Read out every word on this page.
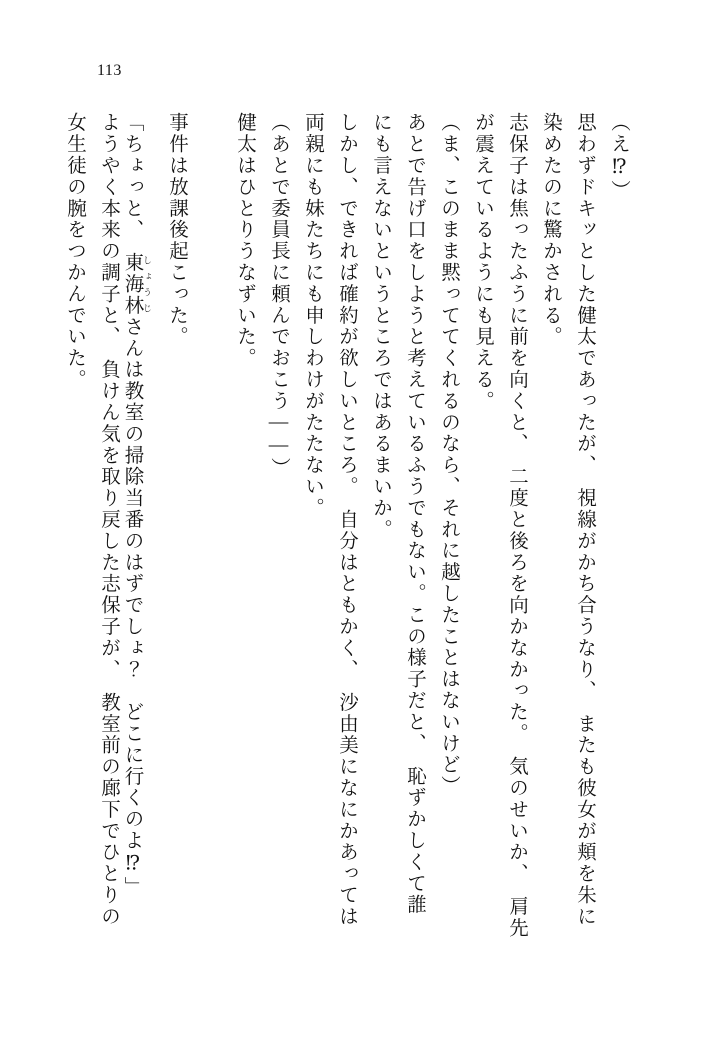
113
（え⁉）
思わずドキッとした健太であったが、　視線がかち合うなり、　またも彼女が頬を朱に
染めたのに驚かされる。
志保子は焦ったふうに前を向くと、　二度と後ろを向かなかった。　気のせいか、　肩先
が震えているようにも見える。
（ま、このまま黙っててくれるのなら、それに越したことはないけど）
あとで告げ口をしようと考えているふうでもない。この様子だと、　恥ずかしくて誰
にも言えないというところではあるまいか。
しかし、できれば確約が欲しいところ。　自分はともかく、　沙由美になにかあっては
両親にも妹たちにも申しわけがたたない。
（あとで委員長に頼んでおこう――）
健太はひとりうなずいた。
事件は放課後起こった。
「ちょっと、　東海林 しょうじさんは教室の掃除当番のはずでしょ？　どこに行くのよ⁉」
ようやく本来の調子と、　負けん気を取り戻した志保子が、　教室前の廊下でひとりの
女生徒の腕をつかんでいた。
